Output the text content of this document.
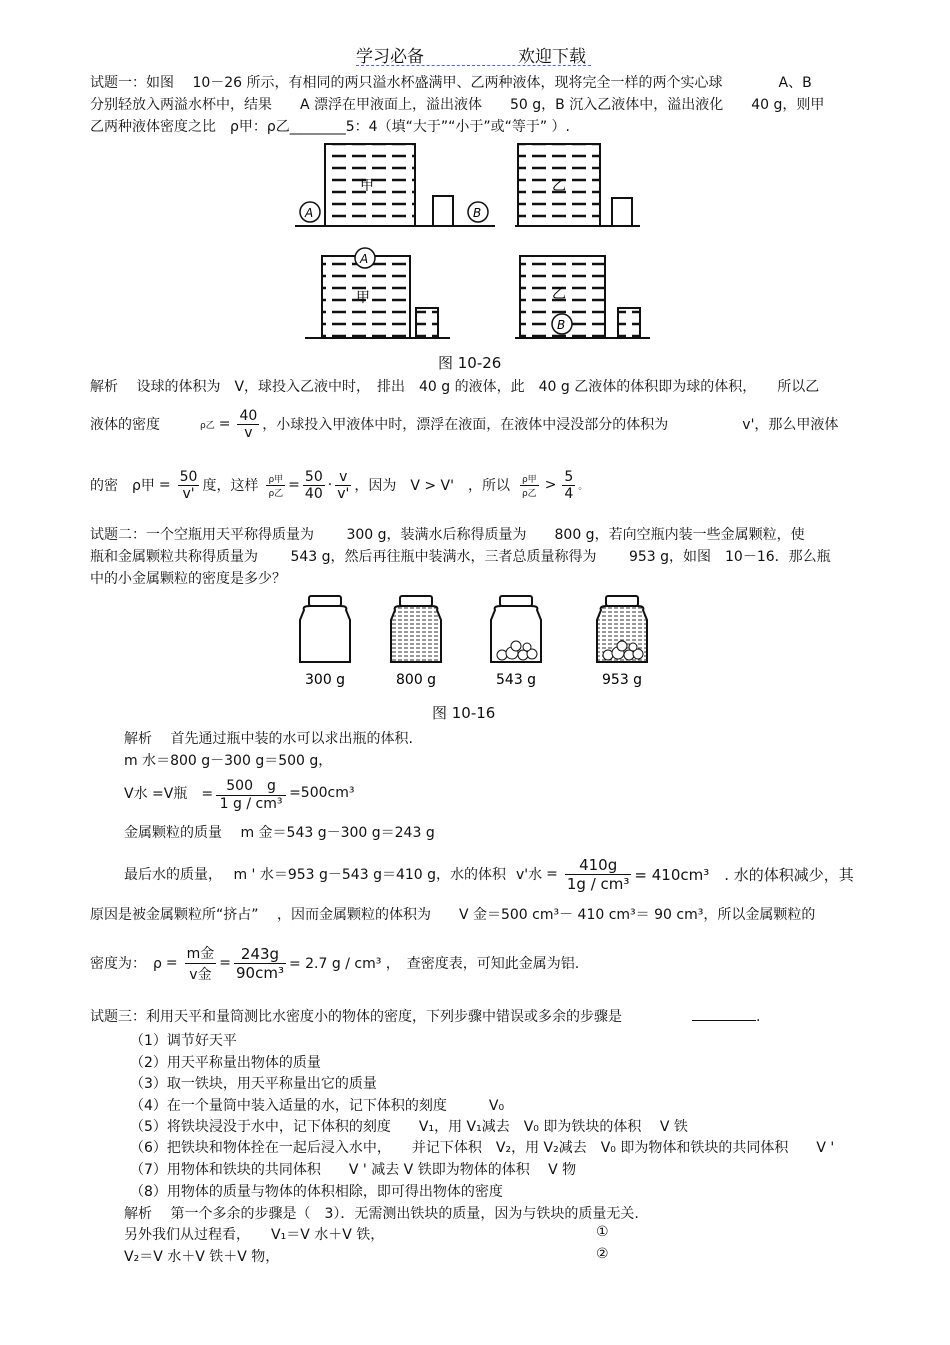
学习必备	欢迎下载
试题一：如图　 10－26 所示，有相同的两只溢水杯盛满甲、乙两种液体，现将完全一样的两个实心球　　　　A、B
分别轻放入两溢水杯中，结果　　A 漂浮在甲液面上，溢出液体　　50 g，B 沉入乙液体中，溢出液化　　40 g，则甲
乙两种液体密度之比　ρ甲：ρ乙________5：4（填“大于”“小于”或“等于” ）.
甲
A	B
乙
A
甲	乙
B
图 10-26
解析　 设球的体积为　V，球投入乙液中时，　排出　40 g 的液体，此　40 g 乙液体的体积即为球的体积，　　所以乙
液体的密度	ρ乙 = $\frac{40}{v}$ ，小球投入甲液体中时，漂浮在液面，在液体中浸没部分的体积为	v'，那么甲液体
的密　ρ甲 = $\frac{50}{v'}$ 度，这样 $\frac{\text{ρ甲}}{\text{ρ乙}} = \frac{50}{40} \cdot \frac{v}{v'}$ ，因为　V > V'　，所以 $\frac{\text{ρ甲}}{\text{ρ乙}} > \frac{5}{4}$ 。
试题二：一个空瓶用天平称得质量为　　 300 g，装满水后称得质量为　　800 g，若向空瓶内装一些金属颗粒，使
瓶和金属颗粒共称得质量为　　 543 g，然后再往瓶中装满水，三者总质量称得为　　 953 g，如图　10－16．那么瓶
中的小金属颗粒的密度是多少？
300 g	800 g	543 g	953 g
图 10-16
解析　 首先通过瓶中装的水可以求出瓶的体积.
m 水＝800 g－300 g＝500 g，
V水 =V瓶　= $\frac{500 g}{\text{1 g / cm³}} =500cm^3$
金属颗粒的质量　 m 金＝543 g－300 g＝243 g
最后水的质量，　 m ' 水＝953 g－543 g＝410 g，水的体积 v'水 = $\frac{410g}{\text{1g / cm³}} = 410cm^3$　. 水的体积减少，其
原因是被金属颗粒所“挤占”　 ，因而金属颗粒的体积为　　V 金＝500 cm³－ 410 cm³＝ 90 cm³，所以金属颗粒的
密度为：　$\rho = \frac{\text{m金}}{\text{v金}} = \frac{243g}{\text{90cm³}} = 2.7$ g / cm³ ，　查密度表，可知此金属为铝.
试题三：利用天平和量筒测比水密度小的物体的密度，下列步骤中错误或多余的步骤是	.
（1）调节好天平
（2）用天平称量出物体的质量
（3）取一铁块，用天平称量出它的质量
（4）在一个量筒中装入适量的水，记下体积的刻度　　　V₀
（5）将铁块浸没于水中，记下体积的刻度　　V₁，用 V₁减去　V₀ 即为铁块的体积　 V 铁
（6）把铁块和物体拴在一起后浸入水中，　　并记下体积　V₂，用 V₂减去　V₀ 即为物体和铁块的共同体积　　V '
（7）用物体和铁块的共同体积　　V ' 减去 V 铁即为物体的体积　 V 物
（8）用物体的质量与物体的体积相除，即可得出物体的密度
解析　 第一个多余的步骤是（　3）．无需测出铁块的质量，因为与铁块的质量无关.
另外我们从过程看，　　V₁＝V 水＋V 铁，	①
V₂＝V 水＋V 铁＋V 物，	②
